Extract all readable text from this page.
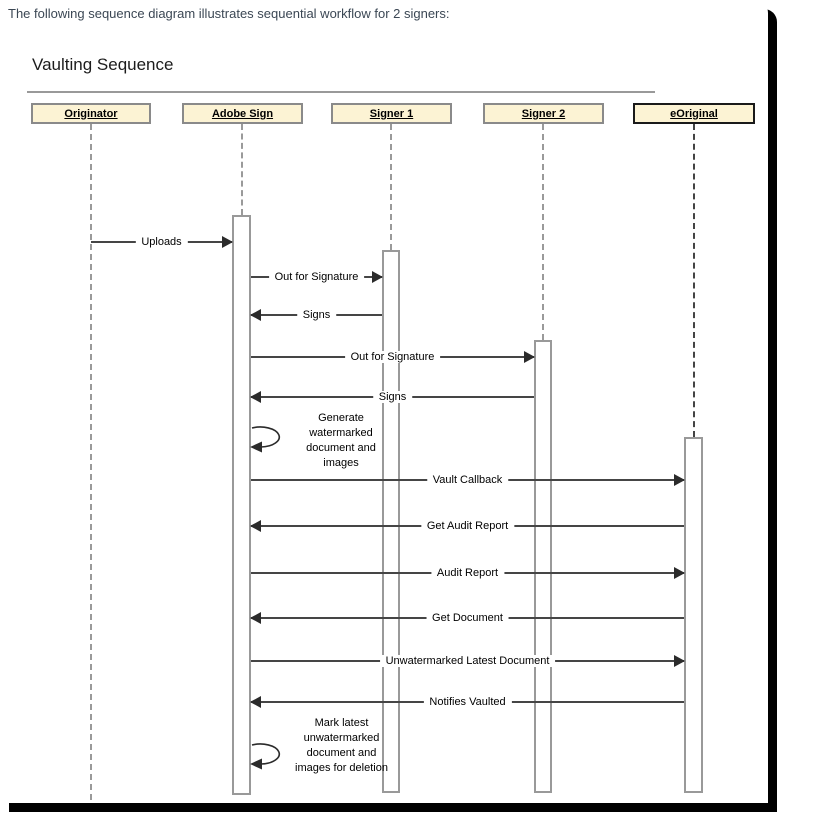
The following sequence diagram illustrates sequential workflow for 2 signers:
Vaulting Sequence
Originator	Adobe Sign	Signer 1	Signer 2	eOriginal
Uploads
Out for Signature
Signs
Out for Signature
Signs
Generate watermarked document and images
Vault Callback
Get Audit Report
Audit Report
Get Document
Unwatermarked Latest Document
Notifies Vaulted
Mark latest unwatermarked document and images for deletion
